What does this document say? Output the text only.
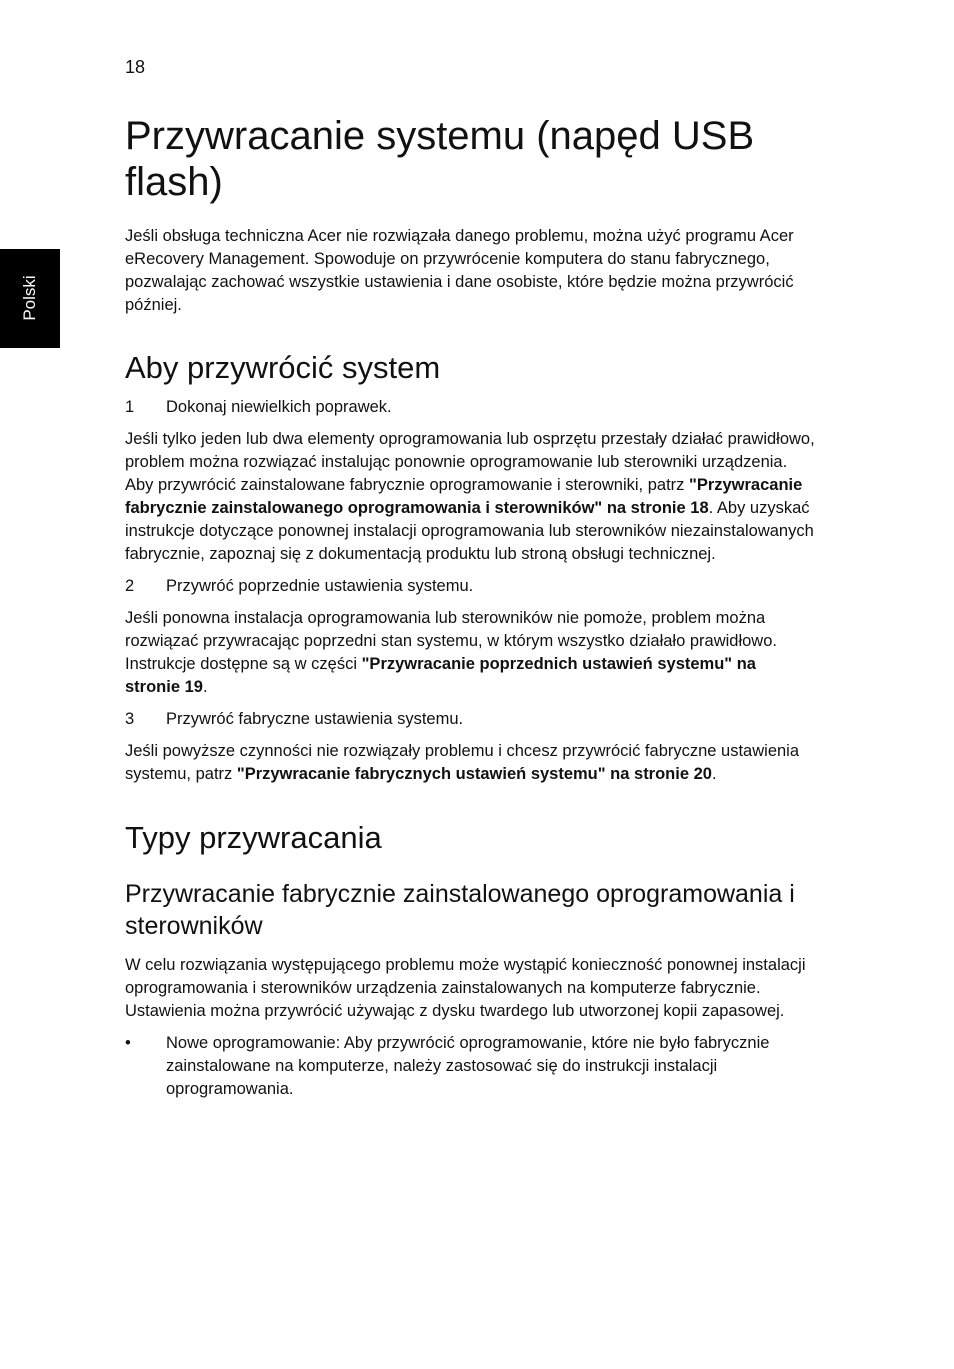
18
Polski
Przywracanie systemu (napęd USB flash)

Jeśli obsługa techniczna Acer nie rozwiązała danego problemu, można użyć programu Acer eRecovery Management. Spowoduje on przywrócenie komputera do stanu fabrycznego, pozwalając zachować wszystkie ustawienia i dane osobiste, które będzie można przywrócić później.

Aby przywrócić system
1	Dokonaj niewielkich poprawek.

Jeśli tylko jeden lub dwa elementy oprogramowania lub osprzętu przestały działać prawidłowo, problem można rozwiązać instalując ponownie oprogramowanie lub sterowniki urządzenia. Aby przywrócić zainstalowane fabrycznie oprogramowanie i sterowniki, patrz "Przywracanie fabrycznie zainstalowanego oprogramowania i sterowników" na stronie 18. Aby uzyskać instrukcje dotyczące ponownej instalacji oprogramowania lub sterowników niezainstalowanych fabrycznie, zapoznaj się z dokumentacją produktu lub stroną obsługi technicznej.

2	Przywróć poprzednie ustawienia systemu.

Jeśli ponowna instalacja oprogramowania lub sterowników nie pomoże, problem można rozwiązać przywracając poprzedni stan systemu, w którym wszystko działało prawidłowo. Instrukcje dostępne są w części "Przywracanie poprzednich ustawień systemu" na stronie 19.

3	Przywróć fabryczne ustawienia systemu.

Jeśli powyższe czynności nie rozwiązały problemu i chcesz przywrócić fabryczne ustawienia systemu, patrz "Przywracanie fabrycznych ustawień systemu" na stronie 20.

Typy przywracania
Przywracanie fabrycznie zainstalowanego oprogramowania i sterowników

W celu rozwiązania występującego problemu może wystąpić konieczność ponownej instalacji oprogramowania i sterowników urządzenia zainstalowanych na komputerze fabrycznie. Ustawienia można przywrócić używając z dysku twardego lub utworzonej kopii zapasowej.

•	Nowe oprogramowanie: Aby przywrócić oprogramowanie, które nie było fabrycznie zainstalowane na komputerze, należy zastosować się do instrukcji instalacji oprogramowania.
